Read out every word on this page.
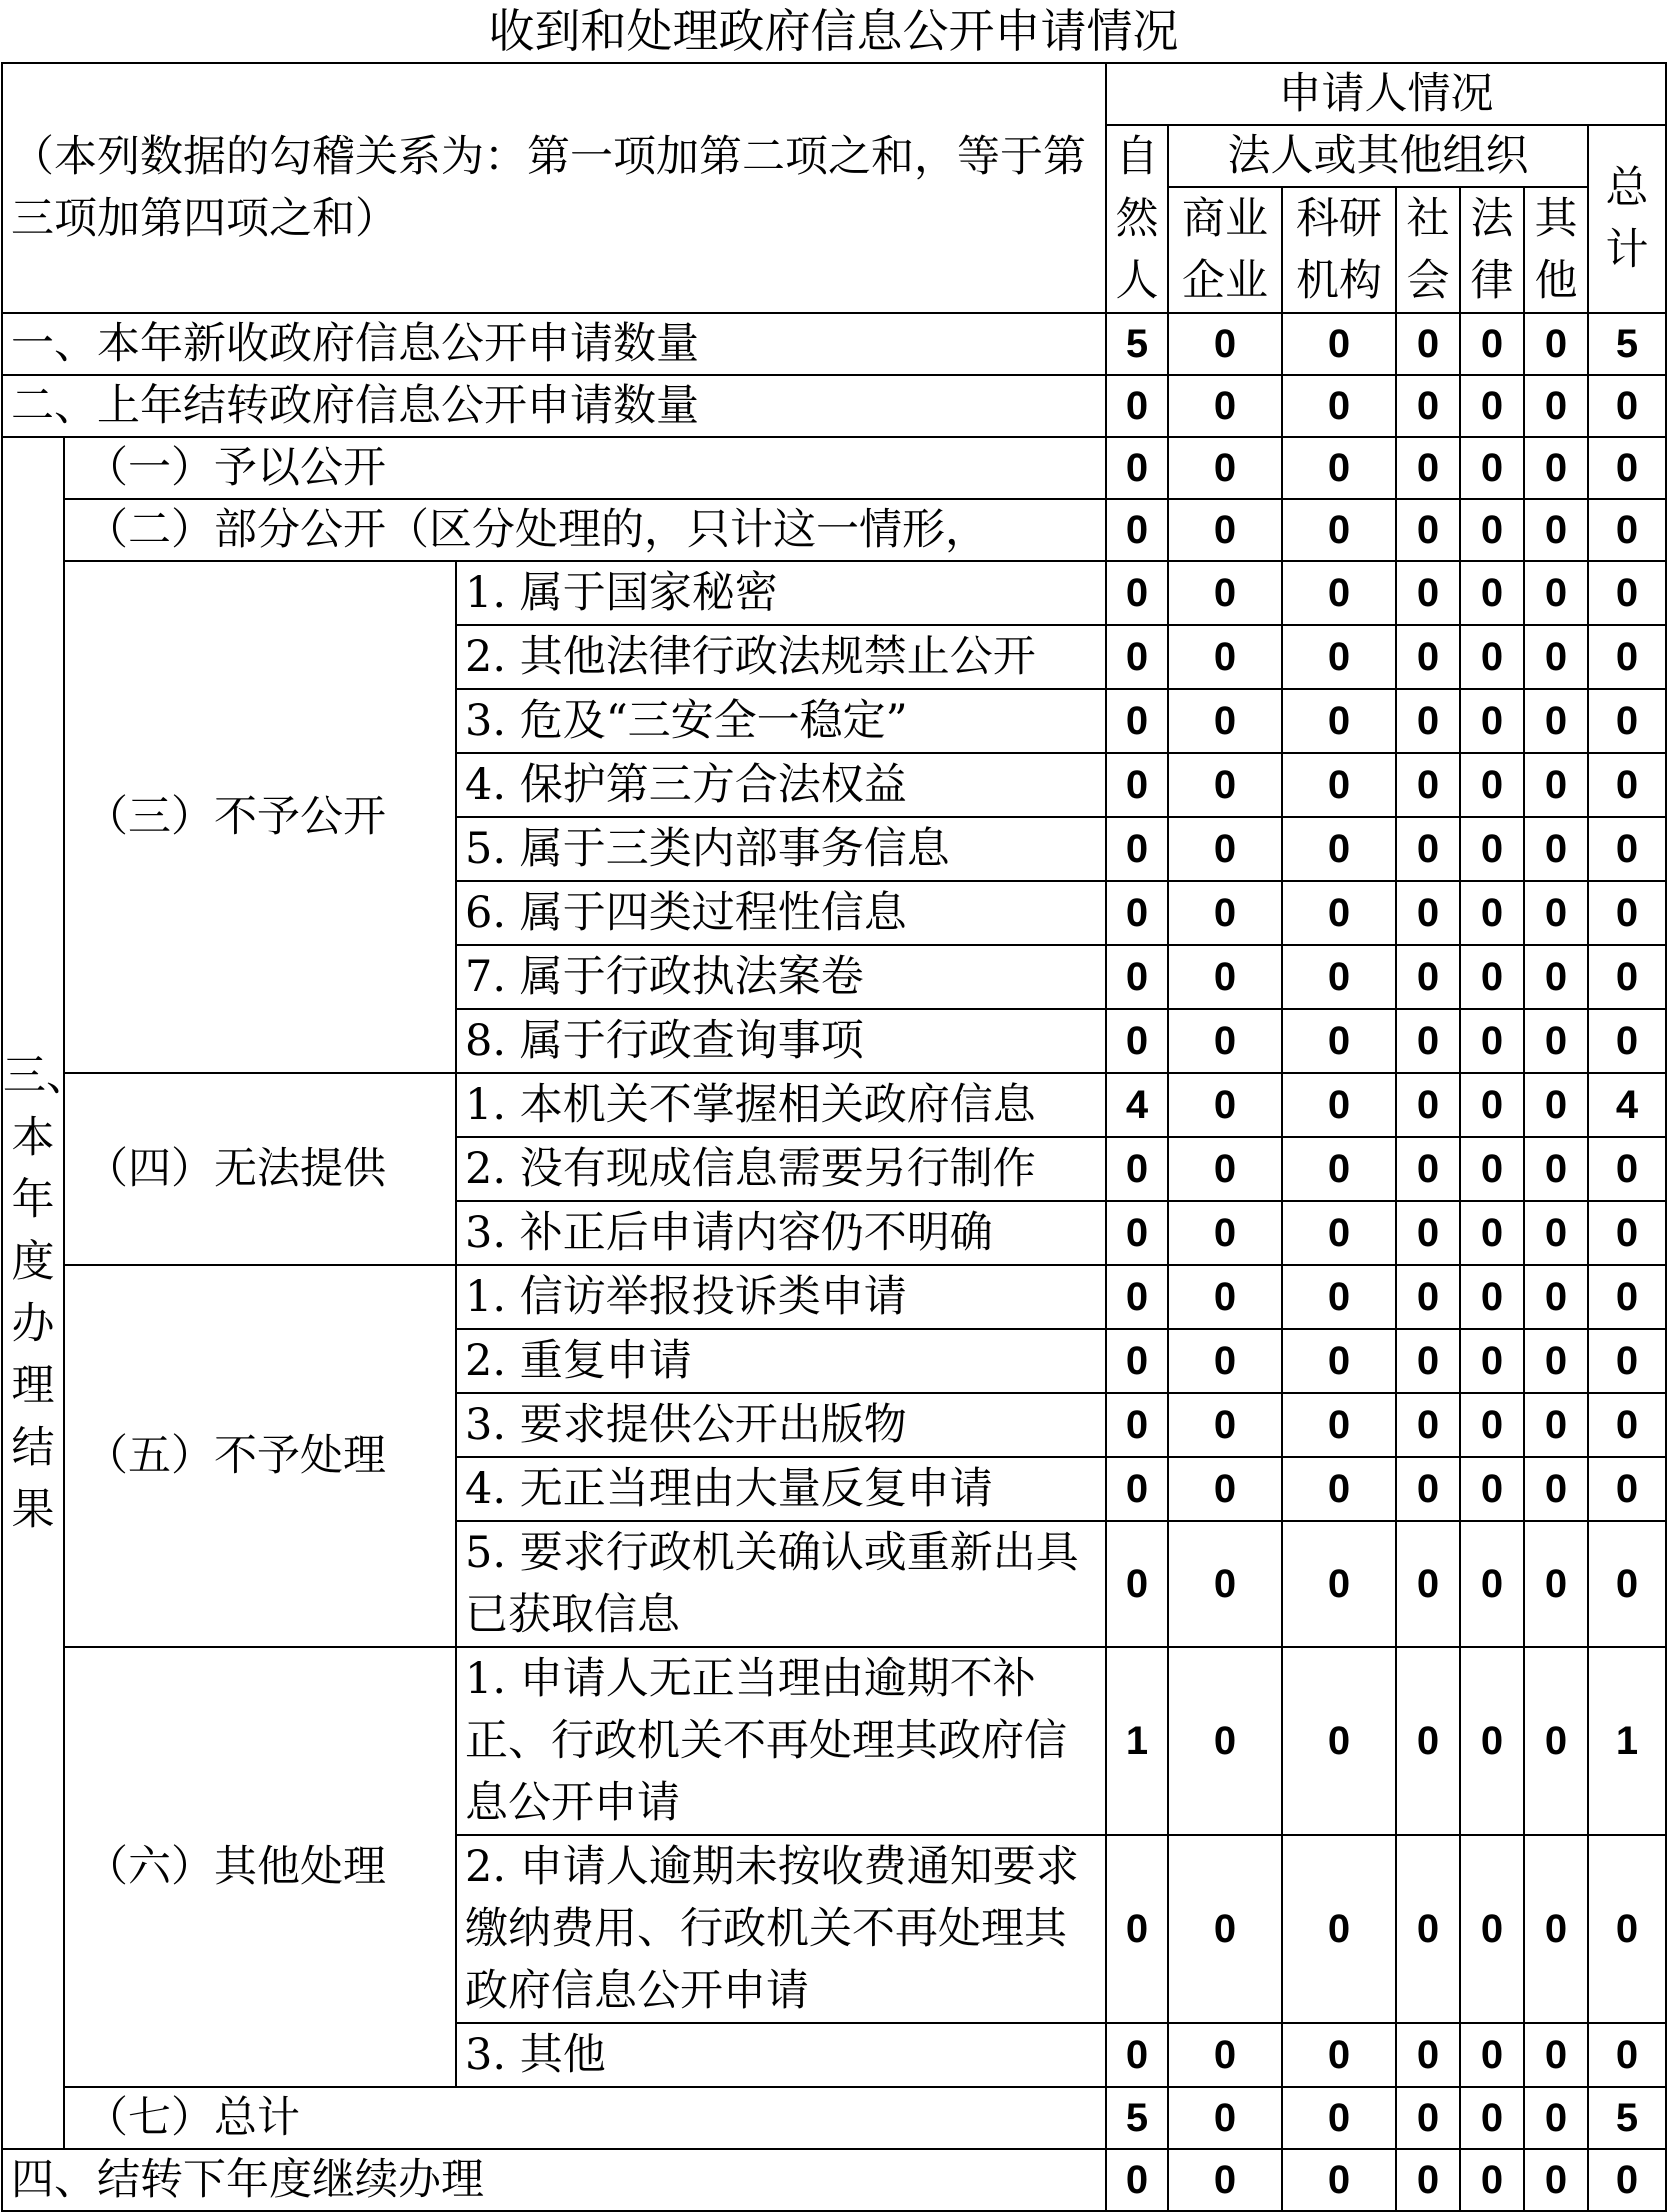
收到和处理政府信息公开申请情况
（本列数据的勾稽关系为：第一项加第二项之和，等于第三项加第四项之和）			申请人情况						
			自然人	法人或其他组织					总计
				商业企业	科研机构	社会	法律	其他	

一、本年新收政府信息公开申请数量			5	0	0	0	0	0	5
二、上年结转政府信息公开申请数量			0	0	0	0	0	0	0
三、本年度办理结果	（一）予以公开		0	0	0	0	0	0	0
	（二）部分公开（区分处理的，只计这一情形，		0	0	0	0	0	0	0
	（三）不予公开	1. 属于国家秘密	0	0	0	0	0	0	0
		2. 其他法律行政法规禁止公开	0	0	0	0	0	0	0
		3. 危及“三安全一稳定”	0	0	0	0	0	0	0
		4. 保护第三方合法权益	0	0	0	0	0	0	0
		5. 属于三类内部事务信息	0	0	0	0	0	0	0
		6. 属于四类过程性信息	0	0	0	0	0	0	0
		7. 属于行政执法案卷	0	0	0	0	0	0	0
		8. 属于行政查询事项	0	0	0	0	0	0	0
	（四）无法提供	1. 本机关不掌握相关政府信息	4	0	0	0	0	0	4
		2. 没有现成信息需要另行制作	0	0	0	0	0	0	0
		3. 补正后申请内容仍不明确	0	0	0	0	0	0	0
	（五）不予处理	1. 信访举报投诉类申请	0	0	0	0	0	0	0
		2. 重复申请	0	0	0	0	0	0	0
		3. 要求提供公开出版物	0	0	0	0	0	0	0
		4. 无正当理由大量反复申请	0	0	0	0	0	0	0
		5. 要求行政机关确认或重新出具已获取信息	0	0	0	0	0	0	0
	（六）其他处理	1. 申请人无正当理由逾期不补正、行政机关不再处理其政府信息公开申请	1	0	0	0	0	0	1
		2. 申请人逾期未按收费通知要求缴纳费用、行政机关不再处理其政府信息公开申请	0	0	0	0	0	0	0
		3. 其他	0	0	0	0	0	0	0
	（七）总计		5	0	0	0	0	0	5
四、结转下年度继续办理			0	0	0	0	0	0	0
